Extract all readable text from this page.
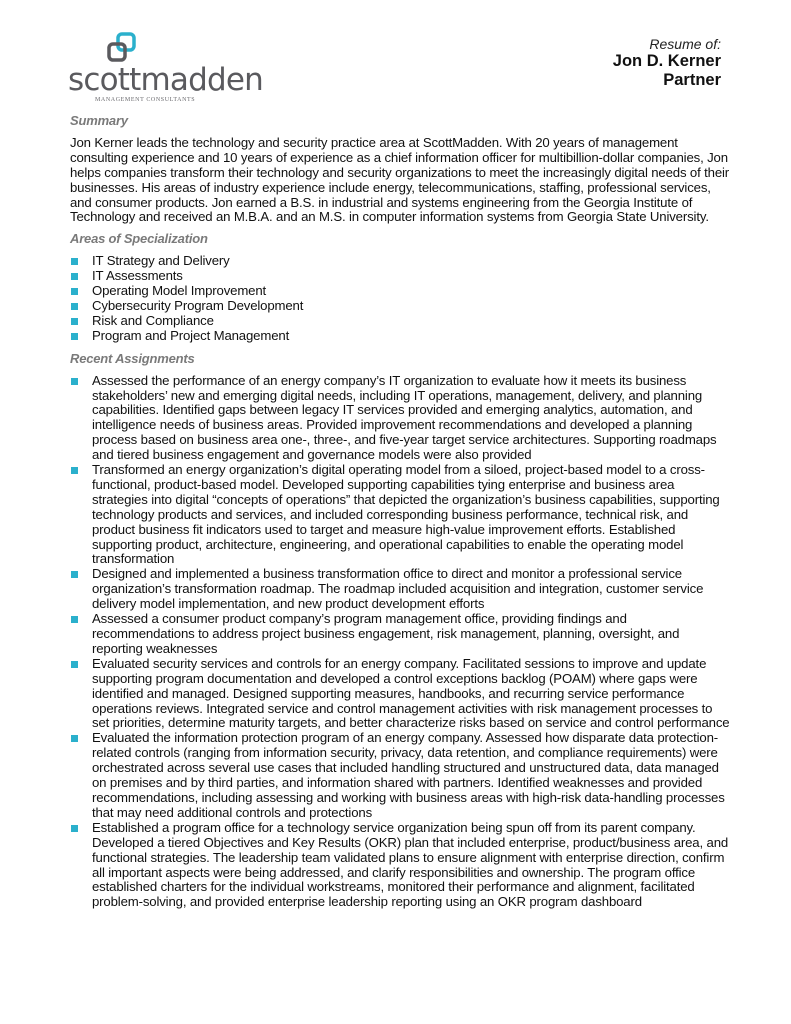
scottmadden
MANAGEMENT CONSULTANTS
Resume of:
Jon D. Kerner
Partner
Summary

Jon Kerner leads the technology and security practice area at ScottMadden. With 20 years of management consulting experience and 10 years of experience as a chief information officer for multibillion-dollar companies, Jon helps companies transform their technology and security organizations to meet the increasingly digital needs of their businesses. His areas of industry experience include energy, telecommunications, staffing, professional services, and consumer products. Jon earned a B.S. in industrial and systems engineering from the Georgia Institute of Technology and received an M.B.A. and an M.S. in computer information systems from Georgia State University.

Areas of Specialization
IT Strategy and Delivery
IT Assessments
Operating Model Improvement
Cybersecurity Program Development
Risk and Compliance
Program and Project Management
Recent Assignments
Assessed the performance of an energy company’s IT organization to evaluate how it meets its business stakeholders’ new and emerging digital needs, including IT operations, management, delivery, and planning capabilities. Identified gaps between legacy IT services provided and emerging analytics, automation, and intelligence needs of business areas. Provided improvement recommendations and developed a planning process based on business area one-, three-, and five-year target service architectures. Supporting roadmaps and tiered business engagement and governance models were also provided
Transformed an energy organization’s digital operating model from a siloed, project-based model to a cross-functional, product-based model. Developed supporting capabilities tying enterprise and business area strategies into digital “concepts of operations” that depicted the organization’s business capabilities, supporting technology products and services, and included corresponding business performance, technical risk, and product business fit indicators used to target and measure high-value improvement efforts. Established supporting product, architecture, engineering, and operational capabilities to enable the operating model transformation
Designed and implemented a business transformation office to direct and monitor a professional service organization’s transformation roadmap. The roadmap included acquisition and integration, customer service delivery model implementation, and new product development efforts
Assessed a consumer product company’s program management office, providing findings and recommendations to address project business engagement, risk management, planning, oversight, and reporting weaknesses
Evaluated security services and controls for an energy company. Facilitated sessions to improve and update supporting program documentation and developed a control exceptions backlog (POAM) where gaps were identified and managed. Designed supporting measures, handbooks, and recurring service performance operations reviews. Integrated service and control management activities with risk management processes to set priorities, determine maturity targets, and better characterize risks based on service and control performance
Evaluated the information protection program of an energy company. Assessed how disparate data protection-related controls (ranging from information security, privacy, data retention, and compliance requirements) were orchestrated across several use cases that included handling structured and unstructured data, data managed on premises and by third parties, and information shared with partners. Identified weaknesses and provided recommendations, including assessing and working with business areas with high-risk data-handling processes that may need additional controls and protections
Established a program office for a technology service organization being spun off from its parent company. Developed a tiered Objectives and Key Results (OKR) plan that included enterprise, product/business area, and functional strategies. The leadership team validated plans to ensure alignment with enterprise direction, confirm all important aspects were being addressed, and clarify responsibilities and ownership. The program office established charters for the individual workstreams, monitored their performance and alignment, facilitated problem-solving, and provided enterprise leadership reporting using an OKR program dashboard
